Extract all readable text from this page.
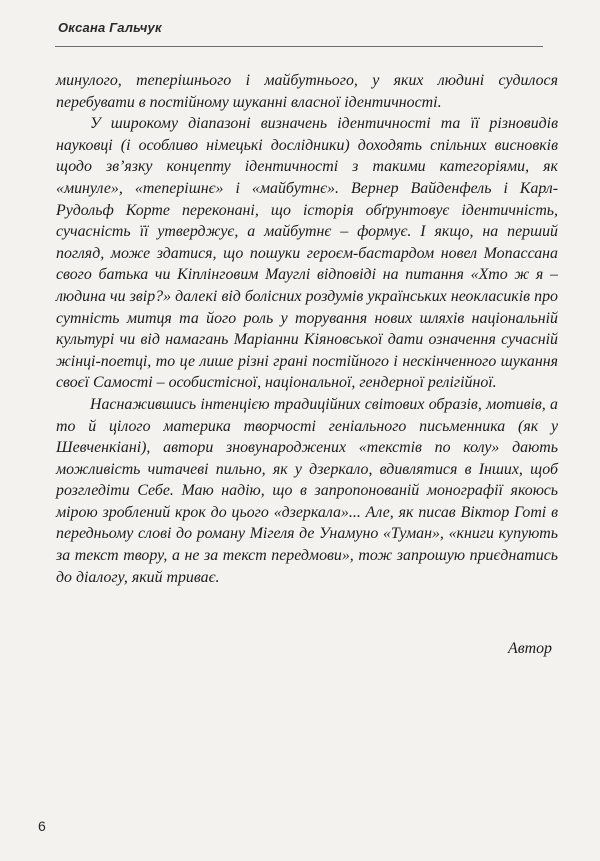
Оксана Гальчук

минулого, теперішнього і майбутнього, у яких людині судилося перебувати в постійному шуканні власної ідентичності.

У широкому діапазоні визначень ідентичності та її різновидів науковці (і особливо німецькі дослідники) доходять спільних висновків щодо зв’язку концепту ідентичності з такими категоріями, як «минуле», «теперішнє» і «майбутнє». Вернер Вайденфель і Карл-Рудольф Корте переконані, що історія обґрунтовує ідентичність, сучасність її утверджує, а майбутнє – формує. І якщо, на перший погляд, може здатися, що пошуки героєм-бастардом новел Мопассана свого батька чи Кіплінговим Мауглі відповіді на питання «Хто ж я – людина чи звір?» далекі від болісних роздумів українських неокласиків про сутність митця та його роль у торування нових шляхів національній культурі чи від намагань Маріанни Кіяновської дати означення сучасній жінці-поетці, то це лише різні грані постійного і нескінченного шукання своєї Самості – особистісної, національної, гендерної релігійної.

Наснажившись інтенцією традиційних світових образів, мотивів, а то й цілого материка творчості геніального письменника (як у Шевченкіані), автори зновународжених «текстів по колу» дають можливість читачеві пильно, як у дзеркало, вдивлятися в Інших, щоб розгледіти Себе. Маю надію, що в запропонованій монографії якоюсь мірою зроблений крок до цього «дзеркала»... Але, як писав Віктор Готі в передньому слові до роману Мігеля де Унамуно «Туман», «книги купують за текст твору, а не за текст передмови», тож запрошую приєднатись до діалогу, який триває.

Автор
6
